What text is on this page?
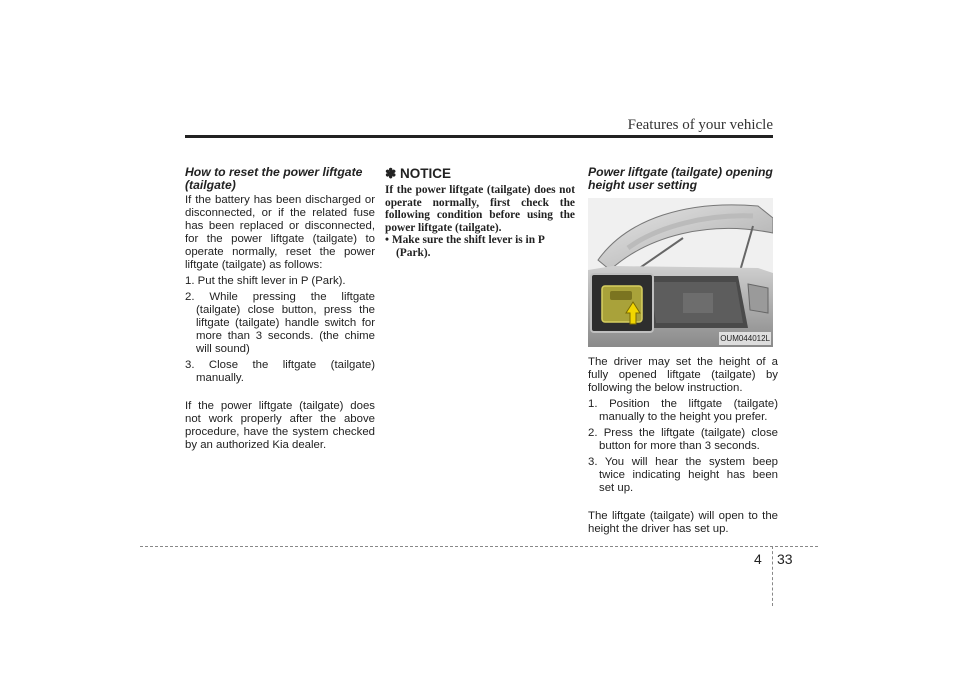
Features of your vehicle
How to reset the power liftgate (tailgate)

If the battery has been discharged or disconnected, or if the related fuse has been replaced or disconnected, for the power liftgate (tailgate) to operate normally, reset the power liftgate (tailgate) as follows:

1. Put the shift lever in P (Park).
2. While pressing the liftgate (tailgate) close button, press the liftgate (tailgate) handle switch for more than 3 seconds. (the chime will sound)
3. Close the liftgate (tailgate) manually.

If the power liftgate (tailgate) does not work properly after the above procedure, have the system checked by an authorized Kia dealer.

✽ NOTICE

If the power liftgate (tailgate) does not operate normally, first check the following condition before using the power liftgate (tailgate).

• Make sure the shift lever is in P (Park).
Power liftgate (tailgate) opening height user setting
OUM044012L

The driver may set the height of a fully opened liftgate (tailgate) by following the below instruction.

1. Position the liftgate (tailgate) manually to the height you prefer.
2. Press the liftgate (tailgate) close button for more than 3 seconds.
3. You will hear the system beep twice indicating height has been set up.

The liftgate (tailgate) will open to the height the driver has set up.

4 33
